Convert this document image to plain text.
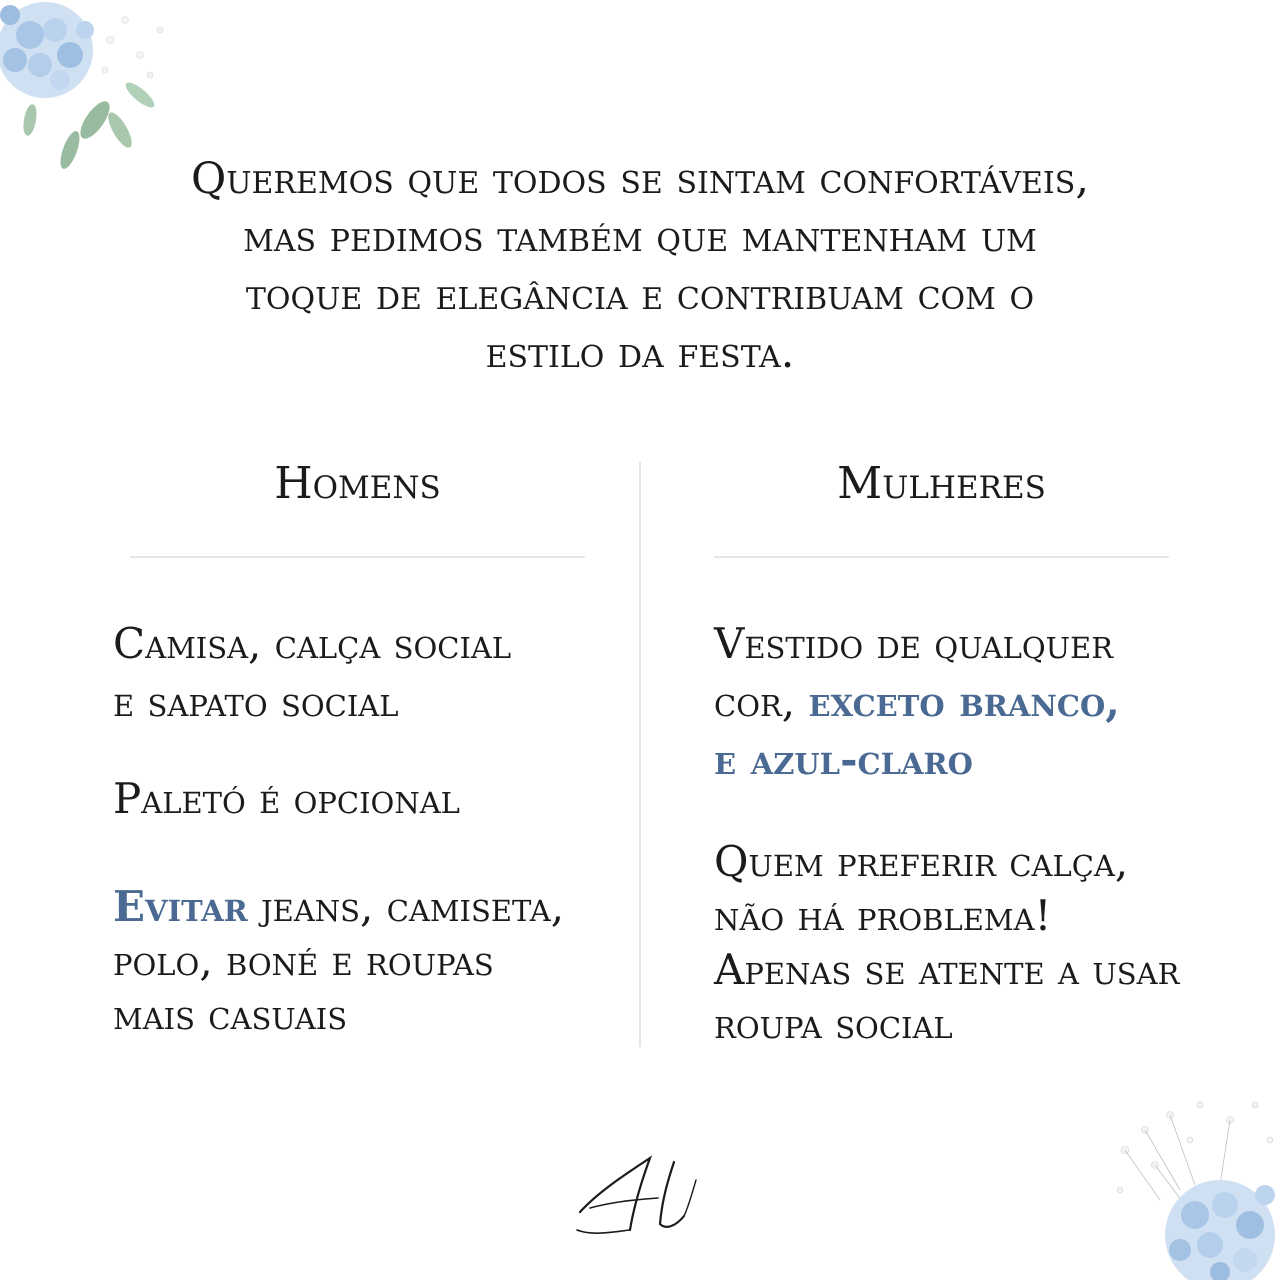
Queremos que todos se sintam confortáveis,
mas pedimos também que mantenham um
toque de elegância e contribuam com o
estilo da festa.
Homens	Mulheres
Camisa, calça social
e sapato social
Paletó é opcional
Evitar jeans, camiseta,
polo, boné e roupas
mais casuais
Vestido de qualquer
cor, exceto branco,
e azul-claro
Quem preferir calça,
não há problema!
Apenas se atente a usar
roupa social
